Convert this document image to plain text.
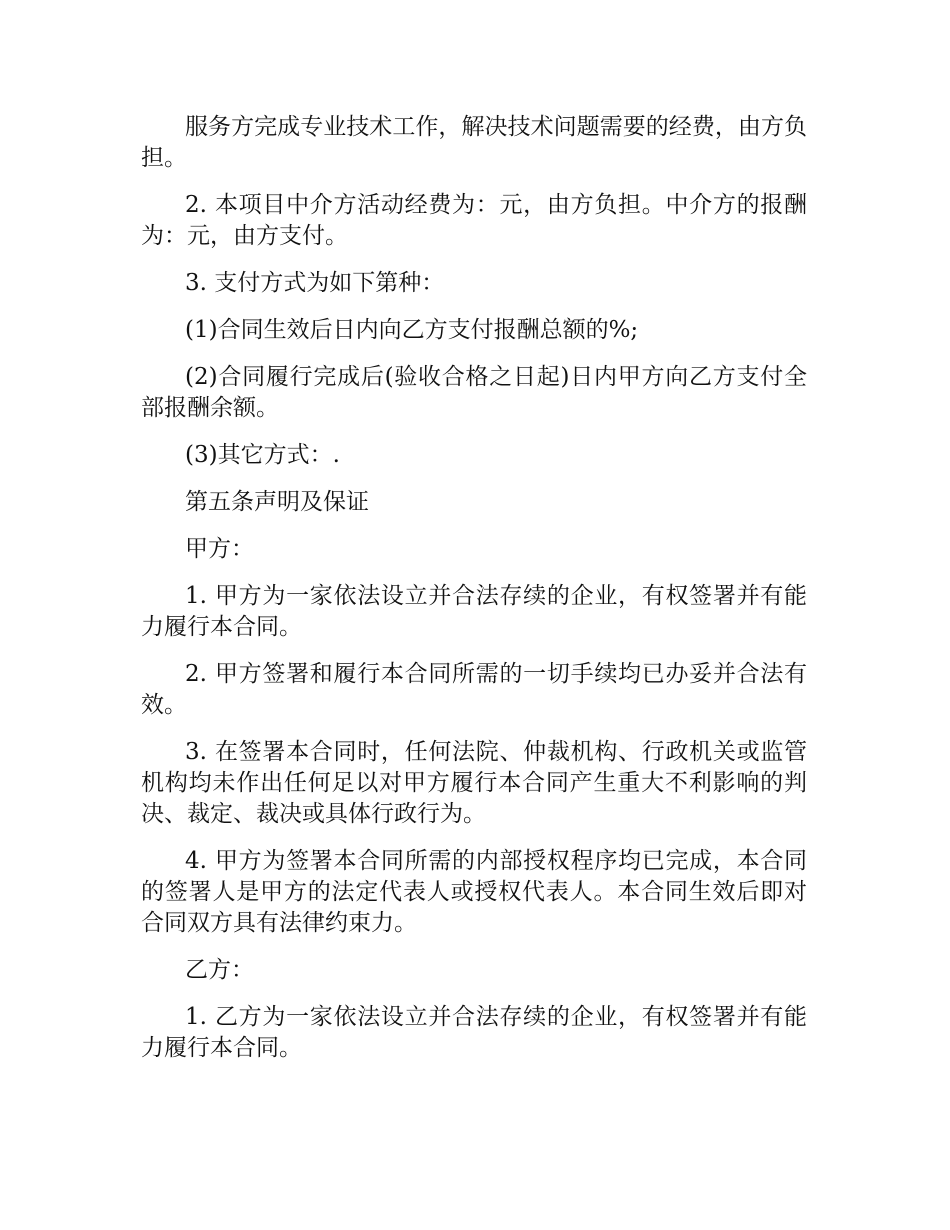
服务方完成专业技术工作，解决技术问题需要的经费，由方负担。

2. 本项目中介方活动经费为：元，由方负担。中介方的报酬为：元，由方支付。

3. 支付方式为如下第种：

(1)合同生效后日内向乙方支付报酬总额的%;

(2)合同履行完成后(验收合格之日起)日内甲方向乙方支付全部报酬余额。

(3)其它方式：.

第五条声明及保证

甲方：

1. 甲方为一家依法设立并合法存续的企业，有权签署并有能力履行本合同。

2. 甲方签署和履行本合同所需的一切手续均已办妥并合法有效。

3. 在签署本合同时，任何法院、仲裁机构、行政机关或监管机构均未作出任何足以对甲方履行本合同产生重大不利影响的判决、裁定、裁决或具体行政行为。

4. 甲方为签署本合同所需的内部授权程序均已完成，本合同的签署人是甲方的法定代表人或授权代表人。本合同生效后即对合同双方具有法律约束力。

乙方：

1. 乙方为一家依法设立并合法存续的企业，有权签署并有能力履行本合同。
